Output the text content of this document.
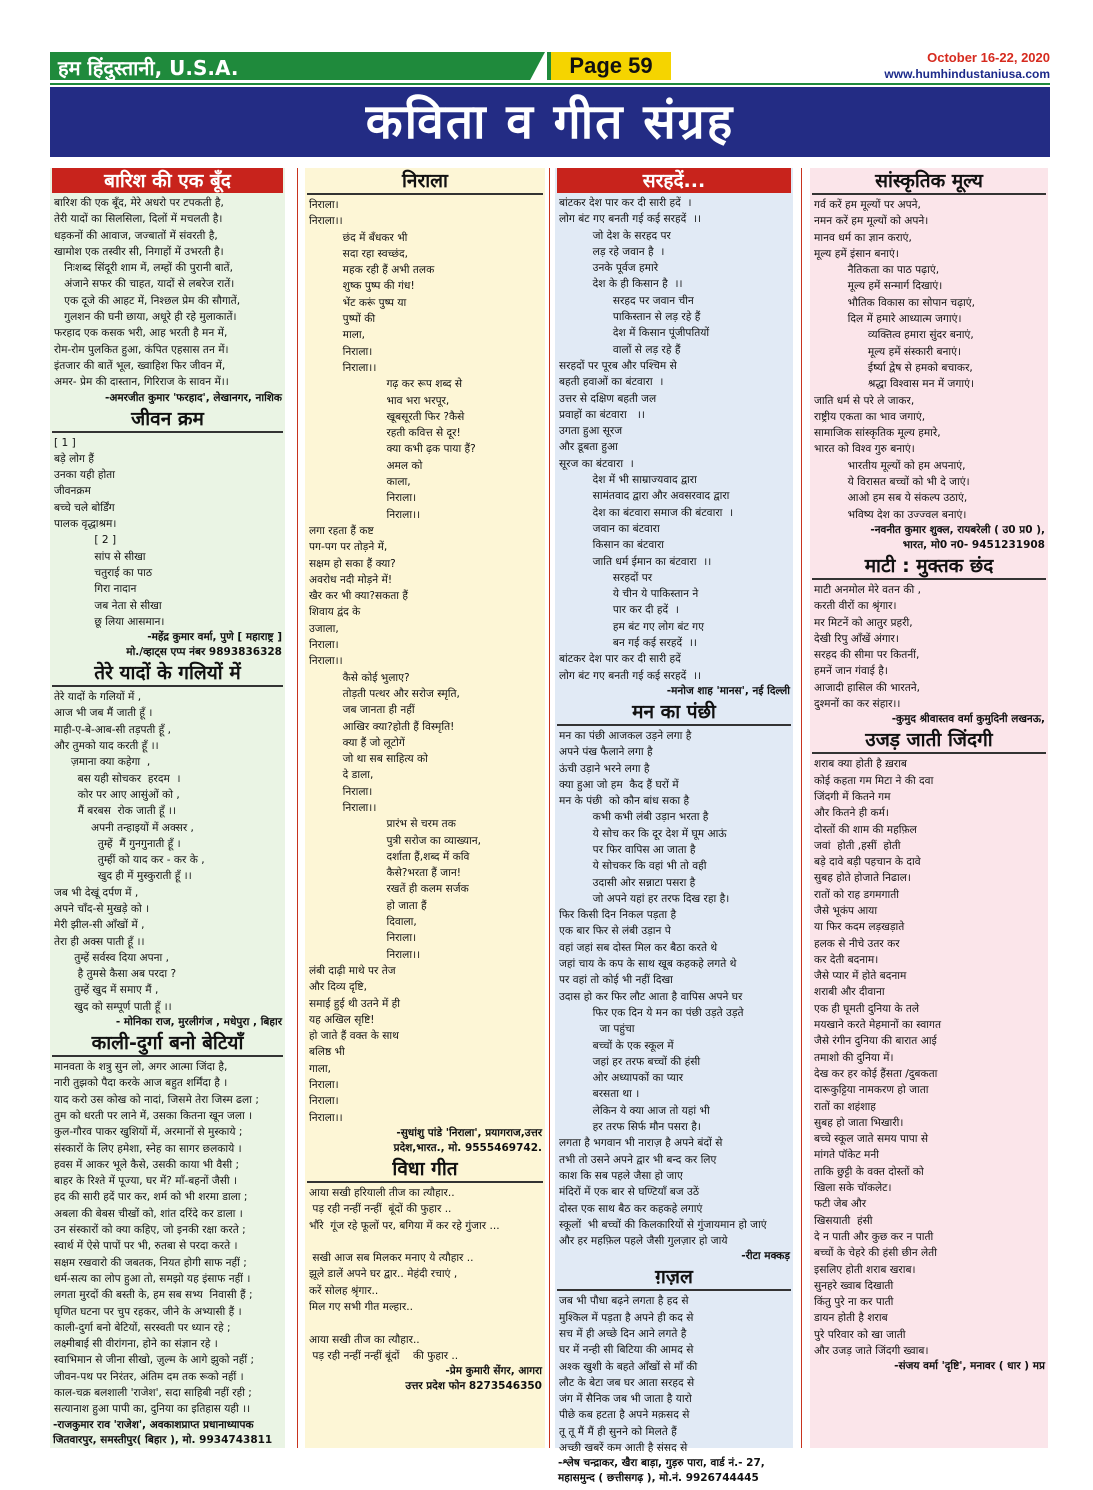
हम हिंदुस्तानी, U.S.A.	Page 59	October 16-22, 2020
www.humhindustaniusa.com
कविता व गीत संग्रह
बारिश की एक बूँद
बारिश की एक बूँद, मेरे अधरो पर टपकती है,
तेरी यादों का सिलसिला, दिलों में मचलती है।
धड़कनों की आवाज, जज्बातों में संवरती है,
खामोश एक तस्वीर सी, निगाहों में उभरती है।
निःशब्द सिंदूरी शाम में, लम्हों की पुरानी बातें,
अंजाने सफर की चाहत, यादों से लबरेज रातें।
एक दूजे की आहट में, निश्छल प्रेम की सौगातें,
गुलशन की घनी छाया, अधूरे ही रहे मुलाकातें।
फरहाद एक कसक भरी, आह भरती है मन में,
रोम-रोम पुलकित हुआ, कंपित एहसास तन में।
इंतजार की बातें भूल, ख्वाहिश फिर जीवन में,
अमर- प्रेम की दास्तान, गिरिराज के सावन में।।
-अमरजीत कुमार 'फरहाद', लेखानगर, नाशिक
जीवन क्रम
[ 1 ]
बड़े लोग हैं
उनका यही होता
जीवनक्रम
बच्चे चले बोर्डिंग
पालक वृद्धाश्रम।
[ 2 ]
सांप से सीखा
चतुराई का पाठ
गिरा नादान
जब नेता से सीखा
छू लिया आसमान।
-महेंद्र कुमार वर्मा, पुणे [ महाराष्ट्र ]
मो./व्हाट्स एप्प नंबर 9893836328
तेरे यादों के गलियों में
तेरे यादों के गलियों में ,
आज भी जब मैं जाती हूँ ।
माही-ए-बे-आब-सी तड़पती हूँ ,
और तुमको याद करती हूँ ।।
ज़माना क्या कहेगा  ,
बस यही सोचकर  हरदम  ।
कोर पर आए आसुंओं को ,
मैं बरबस  रोक जाती हूँ ।।
अपनी तन्हाइयों में अक्सर ,
तुम्हें  मैं गुनगुनाती हूँ ।
तुम्हीं को याद कर - कर के ,
खुद ही में मुस्कुराती हूँ ।।
जब भी देखूं दर्पण में ,
अपने चाँद-से मुखड़े को ।
मेरी झील-सी आँखों में ,
तेरा ही अक्स पाती हूँ ।।
तुम्हें सर्वस्व दिया अपना ,
है तुमसे कैसा अब परदा ?
तुम्हें खुद में समाए मैं ,
खुद को सम्पूर्ण पाती हूँ ।।
- मोनिका राज, मुरलीगंज , मधेपुरा , बिहार
काली-दुर्गा बनो बेटियाँ
मानवता के शत्रु सुन लो, अगर आत्मा जिंदा है,
नारी तुझको पैदा करके आज बहुत शर्मिंदा है ।
याद करो उस कोख को नादां, जिसमे तेरा जिस्म ढला ;
तुम को धरती पर लाने में, उसका कितना खून जला ।
कुल-गौरव पाकर खुशियों में, अरमानों से मुस्काये ;
संस्कारों के लिए हमेशा, स्नेह का सागर छलकाये ।
हवस में आकर भूले कैसे, उसकी काया भी वैसी ;
बाहर के रिश्ते में पूज्या, घर में? माँ-बहनों जैसी ।
हद की सारी हदें पार कर, शर्म को भी शरमा डाला ;
अबला की बेबस चीखों को, शांत दरिंदे कर डाला ।
उन संस्कारों को क्या कहिए, जो इनकी रक्षा करते ;
स्वार्थ में ऐसे पापों पर भी, रुतबा से परदा करते ।
सक्षम रखवारो की जबतक, नियत होगी साफ नहीं ;
धर्म-सत्य का लोप हुआ तो, समझो यह इंसाफ नहीं ।
लगता मुरदों की बस्ती के, हम सब सभ्य  निवासी हैं ;
घृणित घटना पर चुप रहकर, जीने के अभ्यासी हैं ।
काली-दुर्गा बनो बेटियों, सरस्वती पर ध्यान रहे ;
लक्ष्मीबाई सी वीरांगना, होने का संज्ञान रहे ।
स्वाभिमान से जीना सीखो, ज़ुल्म के आगे झुको नहीं ;
जीवन-पथ पर निरंतर, अंतिम दम तक रूको नहीं ।
काल-चक्र बलशाली 'राजेश', सदा साहिबी नहीं रही ;
सत्यानाश हुआ पापी का, दुनिया का इतिहास यही ।।
-राजकुमार राव 'राजेश', अवकाशप्राप्त प्रधानाध्यापक
जितवारपुर, समस्तीपुर( बिहार ), मो. 9934743811
निराला
निराला।
निराला।।
छंद में बँधकर भी
सदा रहा स्वच्छंद,
महक रही हैं अभी तलक
शुष्क पुष्प की गंध!
भेंट करूं पुष्प या
पुष्पों की
माला,
निराला।
निराला।।
गढ़ कर रूप शब्द से
भाव भरा भरपूर,
खूबसूरती फिर ?कैसे
रहती कवित्त से दूर!
क्या कभी ढ़क पाया हैं?
अमल को
काला,
निराला।
निराला।।
लगा रहता हैं कष्ट
पग-पग पर तोड़ने में,
सक्षम हो सका हैं क्या?
अवरोध नदी मोड़ने में!
खैर कर भी क्या?सकता हैं
शिवाय द्वंद के
उजाला,
निराला।
निराला।।
कैसे कोई भुलाए?
तोड़ती पत्थर और सरोज स्मृति,
जब जानता ही नहीं
आखिर क्या?होती हैं विस्मृति!
क्या हैं जो लूटोगें
जो था सब साहित्य को
दे डाला,
निराला।
निराला।।
प्रारंभ से चरम तक
पुत्री सरोज का व्याख्यान,
दर्शाता हैं,शब्द में कवि
कैसे?भरता हैं जान!
रखतें ही कलम सर्जक
हो जाता हैं
दिवाला,
निराला।
निराला।।
लंबी दाढ़ी माथे पर तेज
और दिव्य दृष्टि,
समाई हुई थी उतने में ही
यह अखिल सृष्टि!
हो जाते हैं वक्त के साथ
बलिष्ठ भी
गाला,
निराला।
निराला।
निराला।।
-सुधांशु पांडे 'निराला', प्रयागराज,उत्तर
प्रदेश,भारत., मो. 9555469742.
विधा गीत
आया सखी हरियाली तीज का त्यौहार..
पड़ रही नन्हीं नन्हीं  बूंदों की फुहार ..
भौंरे  गूंज रहे फूलों पर, बगिया में कर रहे गुंजार ...

सखी आज सब मिलकर मनाए ये त्यौहार ..
झूले डालें अपने घर द्वार.. मेहंदी रचाएं ,
करें सोलह श्रृंगार..
मिल गए सभी गीत मल्हार..

आया सखी तीज का त्यौहार..
पड़ रही नन्हीं नन्हीं बूंदों    की फुहार ..
-प्रेम कुमारी सेंगर, आगरा
उत्तर प्रदेश फोन 8273546350
सरहदें...
बांटकर देश पार कर दी सारी हदें  ।
लोग बंट गए बनती गई कई सरहदें  ।।
जो देश के सरहद पर
लड़ रहे जवान है  ।
उनके पूर्वज हमारे
देश के ही किसान है  ।।
सरहद पर जवान चीन
पाकिस्तान से लड़ रहे हैं
देश में किसान पूंजीपतियों
वालों से लड़ रहे हैं
सरहदों पर पूरब और पश्चिम से
बहती हवाओं का बंटवारा  ।
उत्तर से दक्षिण बहती जल
प्रवाहों का बंटवारा   ।।
उगता हुआ सूरज
और डूबता हुआ
सूरज का बंटवारा  ।
देश में भी साम्राज्यवाद द्वारा
सामंतवाद द्वारा और अवसरवाद द्वारा
देश का बंटवारा समाज की बंटवारा  ।
जवान का बंटवारा
किसान का बंटवारा
जाति धर्म ईमान का बंटवारा  ।।
सरहदों पर
ये चीन ये पाकिस्तान ने
पार कर दी हदें  ।
हम बंट गए लोग बंट गए
बन गई कई सरहदें  ।।
बांटकर देश पार कर दी सारी हदें
लोग बंट गए बनती गई कई सरहदें  ।।
-मनोज शाह 'मानस', नई दिल्ली
मन का पंछी
मन का पंछी आजकल उड़ने लगा है
अपने पंख फैलाने लगा है
ऊंची उड़ाने भरने लगा है
क्या हुआ जो हम  कैद हैं घरों में
मन के पंछी  को कौन बांध सका है
कभी कभी लंबी उड़ान भरता है
ये सोच कर कि दूर देश में घूम आऊं
पर फिर वापिस आ जाता है
ये सोचकर कि वहां भी तो वही
उदासी ओर सन्नाटा पसरा है
जो अपने यहां हर तरफ दिख रहा है।
फिर किसी दिन निकल पड़ता है
एक बार फिर से लंबी उड़ान पे
वहां जहां सब दोस्त मिल कर बैठा करते थे
जहां चाय के कप के साथ खूब कहकहे लगते थे
पर वहां तो कोई भी नहीं दिखा
उदास हो कर फिर लौट आता है वापिस अपने घर
फिर एक दिन ये मन का पंछी उड़ते उड़ते
जा पहुंचा
बच्चों के एक स्कूल में
जहां हर तरफ बच्चों की हंसी
ओर अध्यापकों का प्यार
बरसता था ।
लेकिन ये क्या आज तो यहां भी
हर तरफ सिर्फ मौन पसरा है।
लगता है भगवान भी नाराज़ है अपने बंदों से
तभी तो उसने अपने द्वार भी बन्द कर लिए
काश कि सब पहले जैसा हो जाए
मंदिरों में एक बार से घण्टियाँ बज उठें
दोस्त एक साथ बैठ कर कहकहे लगाएं
स्कूलों  भी बच्चों की किलकारियों से गुंजायमान हो जाएं
और हर महफ़िल पहले जैसी गुलज़ार हो जाये
-रीटा मक्कड़
ग़ज़ल
जब भी पौधा बढ़ने लगता है हद से
मुश्किल में पड़ता है अपने ही कद से
सच में ही अच्छे दिन आने लगते है
घर में नन्ही सी बिटिया की आमद से
अश्क खुशी के बहते आँखों से माँ की
लौट के बेटा जब घर आता सरहद से
जंग में सैनिक जब भी जाता है यारो
पीछे कब हटता है अपने मक़सद से
तू तू मैं मैं ही सुनने को मिलते हैं
अच्छी खबरें कम आती है संसद से
-श्लेष चन्द्राकर, खैरा बाड़ा, गुड़रु पारा, वार्ड नं.- 27,
महासमुन्द ( छत्तीसगढ़ ), मो.नं. 9926744445
सांस्कृतिक मूल्य
गर्व करें हम मूल्यों पर अपने,
नमन करें हम मूल्यों को अपने।
मानव धर्म का ज्ञान कराएं,
मूल्य हमें इंसान बनाएं।
नैतिकता का पाठ पढ़ाएं,
मूल्य हमें सन्मार्ग दिखाएं।
भौतिक विकास का सोपान चढ़ाएं,
दिल में हमारे आध्यात्म जगाएं।
व्यक्तित्व हमारा सुंदर बनाएं,
मूल्य हमें संस्कारी बनाएं।
ईर्ष्या द्वेष से हमको बचाकर,
श्रद्धा विश्वास मन में जगाएं।
जाति धर्म से परे ले जाकर,
राष्ट्रीय एकता का भाव जगाएं,
सामाजिक सांस्कृतिक मूल्य हमारे,
भारत को विश्व गुरु बनाएं।
भारतीय मूल्यों को हम अपनाएं,
ये विरासत बच्चों को भी दे जाएं।
आओ हम सब ये संकल्प उठाएं,
भविष्य देश का उज्ज्वल बनाएं।
-नवनीत कुमार शुक्ल, रायबरेली ( उ0 प्र0 ),
भारत, मो0 न0- 9451231908
माटी : मुक्तक छंद
माटी अनमोल मेरे वतन की ,
करती वीरों का श्रृंगार।
मर मिटनें को आतुर प्रहरी,
देखी रिपु आँखें अंगार।
सरहद की सीमा पर कितनीं,
हमनें जान गंवाई है।
आजादी हासिल की भारतने,
दुश्मनों का कर संहार।।
-कुमुद श्रीवास्तव वर्मा कुमुदिनी लखनऊ,
उजड़ जाती जिंदगी
शराब क्या होती है ख़राब
कोई कहता गम मिटा ने की दवा
जिंदगी में कितने गम
और कितने ही कर्म।
दोस्तों की शाम की महफ़िल
जवां  होती ,हसीं  होती
बड़े दावे बड़ी पहचान के दावे
सुबह होते होजाते निढाल।
रातों को राह डगमगाती
जैसे भूकंप आया
या फिर कदम लड़खड़ाते
हलक से नीचे उतर कर
कर देती बदनाम।
जैसे प्यार में होते बदनाम
शराबी और दीवाना
एक ही घूमती दुनिया के तले
मयखाने करते मेहमानों का स्वागत
जैसे रंगीन दुनिया की बारात आई
तमाशो की दुनिया में।
देख कर हर कोई हैंसता /दुबकता
दारूकुट्टिया नामकरण हो जाता
रातों का शहंशाह
सुबह हो जाता भिखारी।
बच्चे स्कूल जाते समय पापा से
मांगते पॉकेट मनी
ताकि छुट्टी के वक्त दोस्तों को
खिला सके चॉकलेट।
फटी जेब और
खिसयाती  हंसी
दे न पाती और कुछ कर न पाती
बच्चों के चेहरे की हंसी छीन लेती
इसलिए होती शराब खराब।
सुनहरे ख्वाब दिखाती
किंतु पुरे ना कर पाती
डायन होती है शराब
पुरे परिवार को खा जाती
और उजड़ जाते जिंदगी ख्वाब।
-संजय वर्मा 'दृष्टि', मनावर ( धार ) मप्र
